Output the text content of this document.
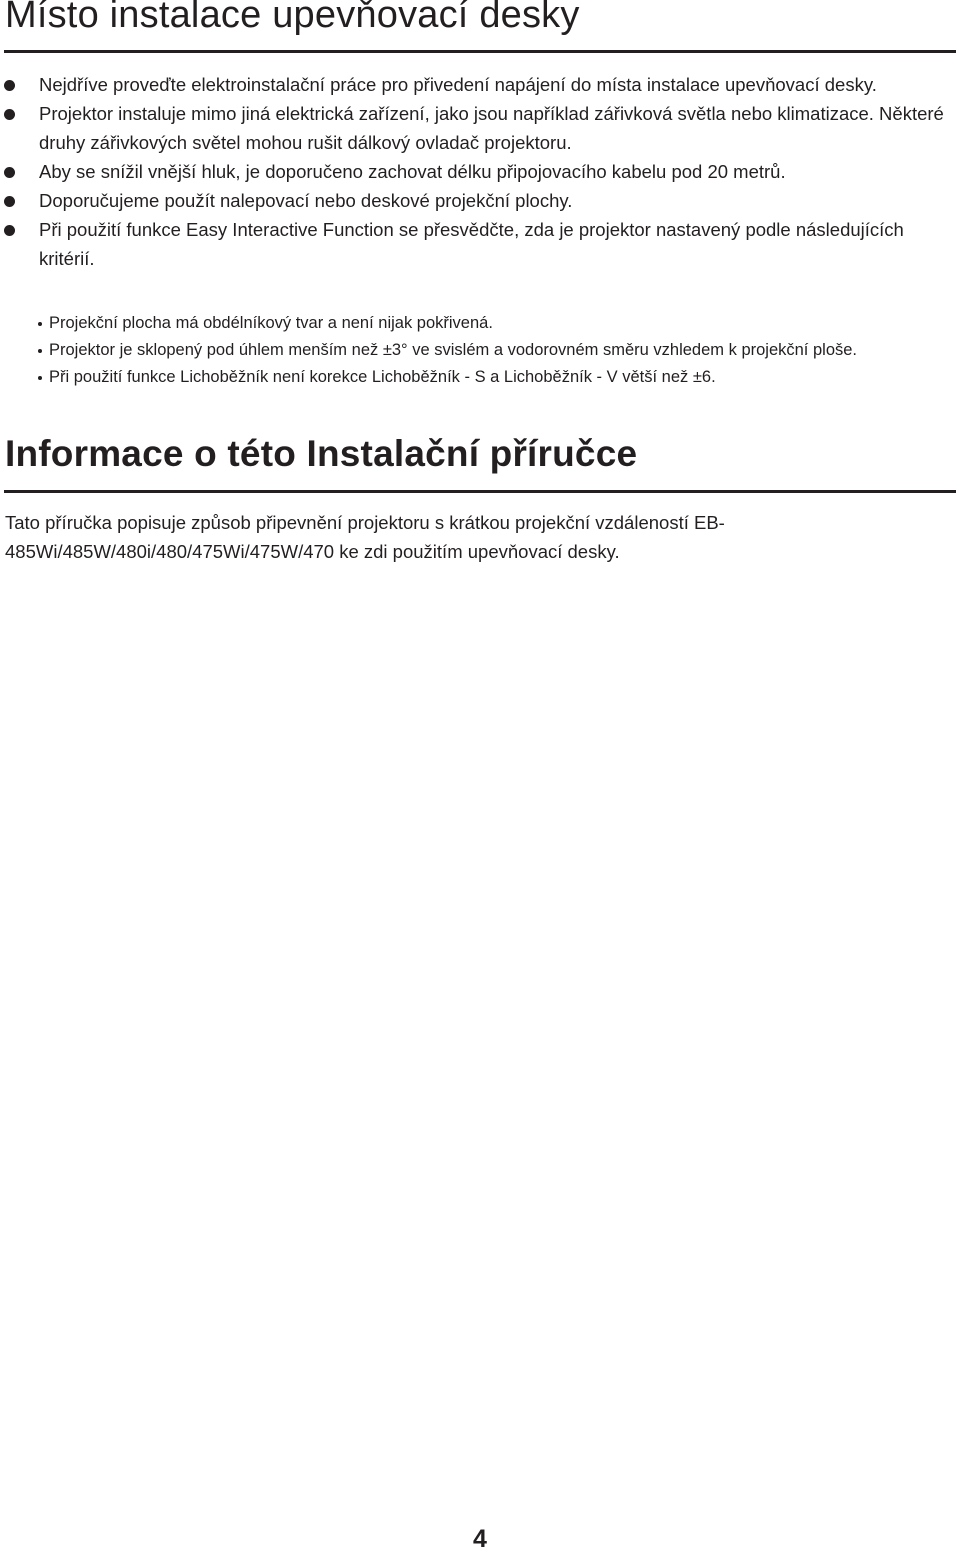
Místo instalace upevňovací desky
Nejdříve proveďte elektroinstalační práce pro přivedení napájení do místa instalace upevňovací desky.
Projektor instaluje mimo jiná elektrická zařízení, jako jsou například zářivková světla nebo klimatizace. Některé druhy zářivkových světel mohou rušit dálkový ovladač projektoru.
Aby se snížil vnější hluk, je doporučeno zachovat délku připojovacího kabelu pod 20 metrů.
Doporučujeme použít nalepovací nebo deskové projekční plochy.
Při použití funkce Easy Interactive Function se přesvědčte, zda je projektor nastavený podle následujících kritérií.
Projekční plocha má obdélníkový tvar a není nijak pokřivená.
Projektor je sklopený pod úhlem menším než ±3° ve svislém a vodorovném směru vzhledem k projekční ploše.
Při použití funkce Lichoběžník není korekce Lichoběžník - S a Lichoběžník - V větší než ±6.
Informace o této Instalační příručce

Tato příručka popisuje způsob připevnění projektoru s krátkou projekční vzdáleností EB-485Wi/485W/480i/480/475Wi/475W/470 ke zdi použitím upevňovací desky.

4
